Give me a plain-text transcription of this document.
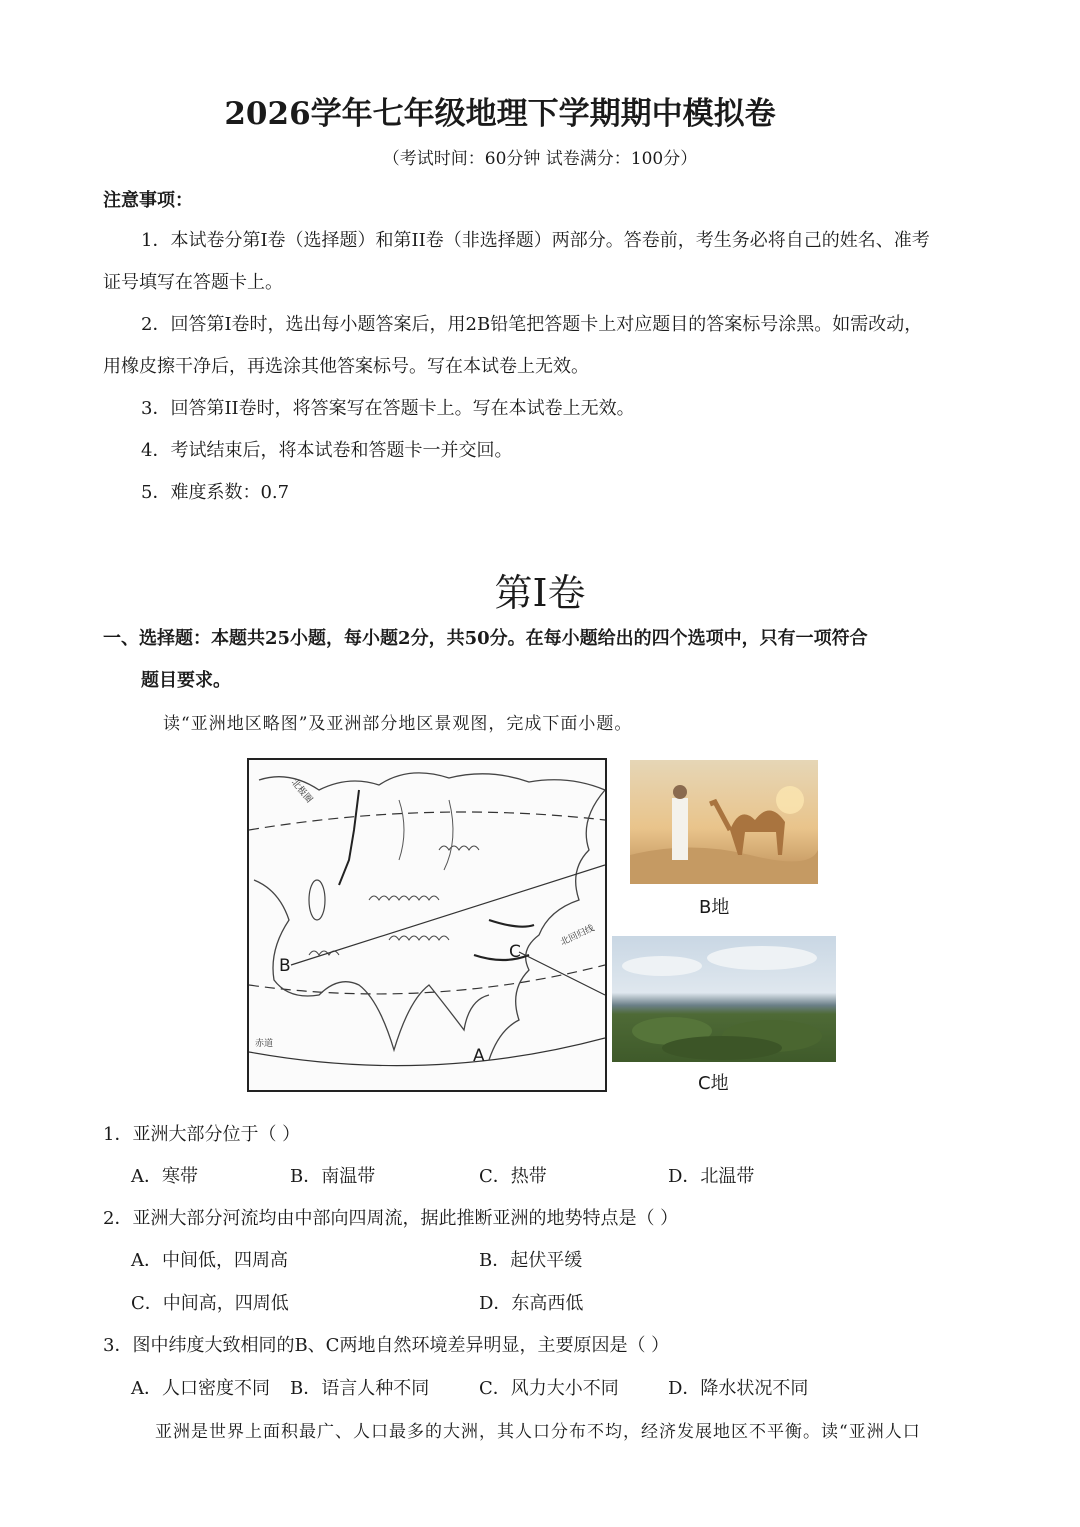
2026学年七年级地理下学期期中模拟卷
（考试时间：60分钟 试卷满分：100分）
注意事项：
1．本试卷分第I卷（选择题）和第II卷（非选择题）两部分。答卷前，考生务必将自己的姓名、准考
证号填写在答题卡上。
2．回答第I卷时，选出每小题答案后，用2B铅笔把答题卡上对应题目的答案标号涂黑。如需改动，
用橡皮擦干净后，再选涂其他答案标号。写在本试卷上无效。
3．回答第II卷时，将答案写在答题卡上。写在本试卷上无效。
4．考试结束后，将本试卷和答题卡一并交回。
5．难度系数：0.7
第I卷
一、选择题：本题共25小题，每小题2分，共50分。在每小题给出的四个选项中，只有一项符合
题目要求。
读“亚洲地区略图”及亚洲部分地区景观图，完成下面小题。
北极圈
北回归线
赤道
B
C
A
B地
C地
1．亚洲大部分位于（ ）
A．寒带	B．南温带	C．热带	D．北温带
2．亚洲大部分河流均由中部向四周流，据此推断亚洲的地势特点是（ ）
A．中间低，四周高	B．起伏平缓
C．中间高，四周低	D．东高西低
3．图中纬度大致相同的B、C两地自然环境差异明显，主要原因是（ ）
A．人口密度不同 B．语言人种不同	C．风力大小不同	D．降水状况不同
亚洲是世界上面积最广、人口最多的大洲，其人口分布不均，经济发展地区不平衡。读“亚洲人口
